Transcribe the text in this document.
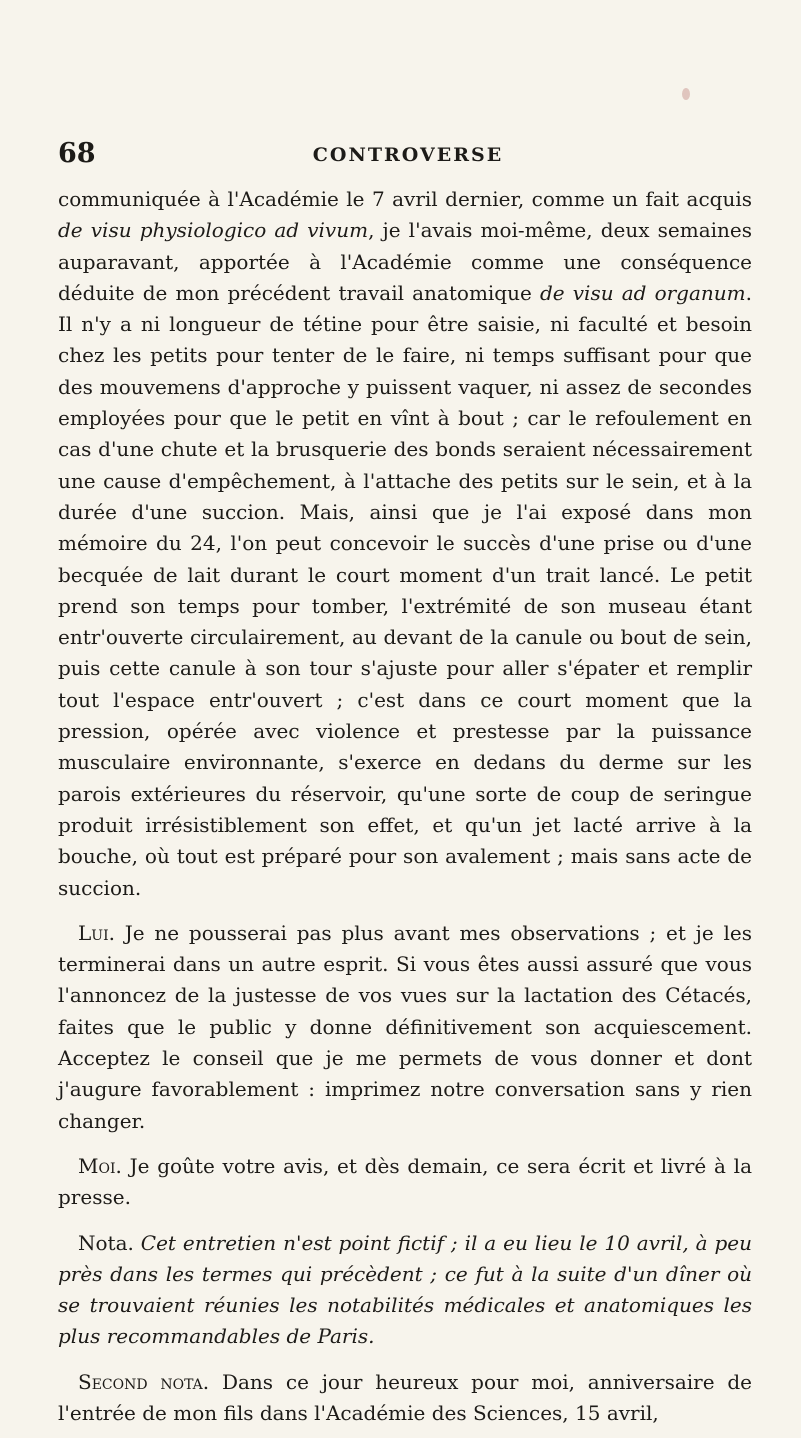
68	CONTROVERSE

communiquée à l'Académie le 7 avril dernier, comme un fait acquis de visu physiologico ad vivum, je l'avais moi-même, deux semaines auparavant, apportée à l'Académie comme une conséquence déduite de mon précédent travail anatomique de visu ad organum. Il n'y a ni longueur de tétine pour être saisie, ni faculté et besoin chez les petits pour tenter de le faire, ni temps suffisant pour que des mouvemens d'approche y puissent vaquer, ni assez de secondes employées pour que le petit en vînt à bout ; car le refoulement en cas d'une chute et la brusquerie des bonds seraient nécessairement une cause d'empêchement, à l'attache des petits sur le sein, et à la durée d'une succion. Mais, ainsi que je l'ai exposé dans mon mémoire du 24, l'on peut concevoir le succès d'une prise ou d'une becquée de lait durant le court moment d'un trait lancé. Le petit prend son temps pour tomber, l'extrémité de son museau étant entr'ouverte circulairement, au devant de la canule ou bout de sein, puis cette canule à son tour s'ajuste pour aller s'épater et remplir tout l'espace entr'ouvert ; c'est dans ce court moment que la pression, opérée avec violence et prestesse par la puissance musculaire environnante, s'exerce en dedans du derme sur les parois extérieures du réservoir, qu'une sorte de coup de seringue produit irrésistiblement son effet, et qu'un jet lacté arrive à la bouche, où tout est préparé pour son avalement ; mais sans acte de succion.

Lui. Je ne pousserai pas plus avant mes observations ; et je les terminerai dans un autre esprit. Si vous êtes aussi assuré que vous l'annoncez de la justesse de vos vues sur la lactation des Cétacés, faites que le public y donne définitivement son acquiescement. Acceptez le conseil que je me permets de vous donner et dont j'augure favorablement : imprimez notre conversation sans y rien changer.

Moi. Je goûte votre avis, et dès demain, ce sera écrit et livré à la presse.

Nota. Cet entretien n'est point fictif ; il a eu lieu le 10 avril, à peu près dans les termes qui précèdent ; ce fut à la suite d'un dîner où se trouvaient réunies les notabilités médicales et anatomiques les plus recommandables de Paris.

Second nota. Dans ce jour heureux pour moi, anniversaire de l'entrée de mon fils dans l'Académie des Sciences, 15 avril,
